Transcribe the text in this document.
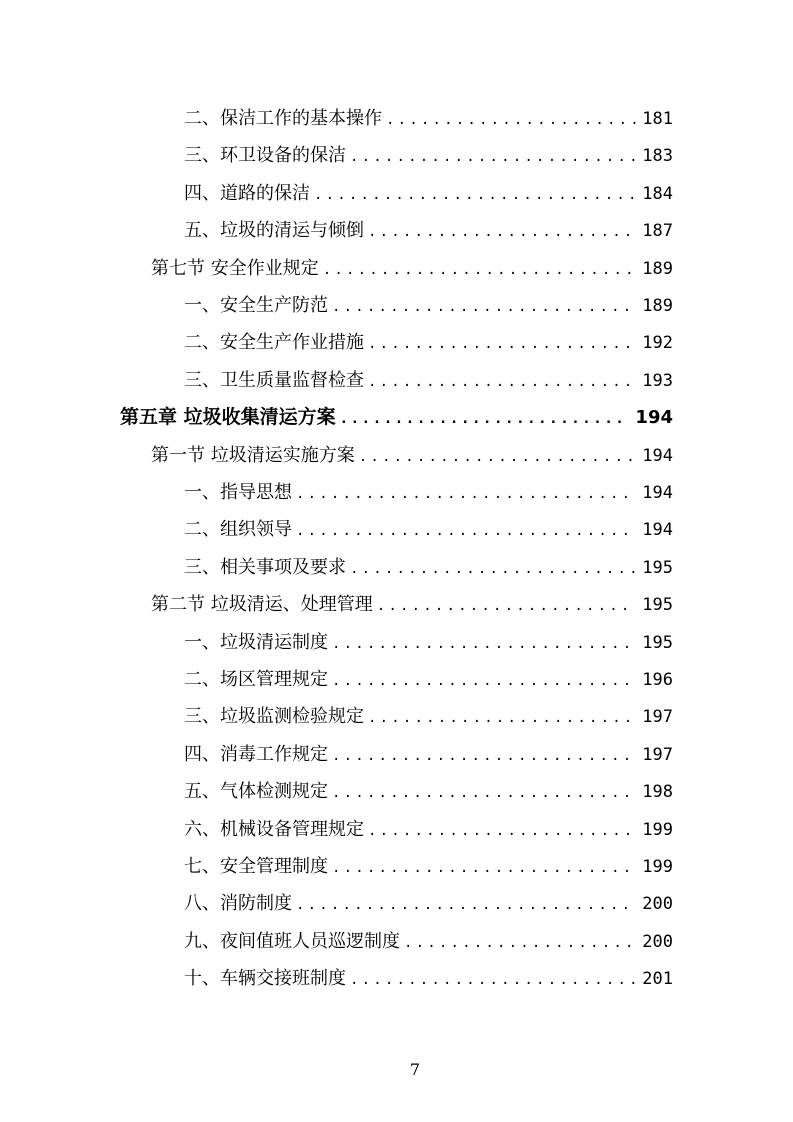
二、保洁工作的基本操作 .....	181
三、环卫设备的保洁 .....	183
四、道路的保洁 .....	184
五、垃圾的清运与倾倒 .....	187
第七节 安全作业规定 .....	189
一、安全生产防范 .....	189
二、安全生产作业措施 .....	192
三、卫生质量监督检查 .....	193
第五章 垃圾收集清运方案 .....	194
第一节 垃圾清运实施方案 .....	194
一、指导思想 .....	194
二、组织领导 .....	194
三、相关事项及要求 .....	195
第二节 垃圾清运、处理管理 .....	195
一、垃圾清运制度 .....	195
二、场区管理规定 .....	196
三、垃圾监测检验规定 .....	197
四、消毒工作规定 .....	197
五、气体检测规定 .....	198
六、机械设备管理规定 .....	199
七、安全管理制度 .....	199
八、消防制度 .....	200
九、夜间值班人员巡逻制度 .....	200
十、车辆交接班制度 .....	201
7
